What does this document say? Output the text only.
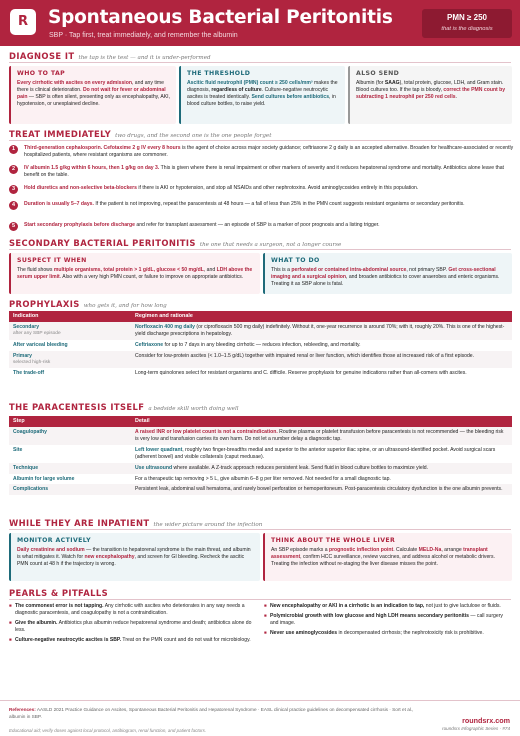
R Spontaneous Bacterial Peritonitis
SBP · Tap first, treat immediately, and remember the albumin
PMN ≥ 250
that is the diagnosis
DIAGNOSE IT the tap is the test — and it is under-performed
WHO TO TAP

Every cirrhotic with ascites on every admission, and any time there is clinical deterioration. Do not wait for fever or abdominal pain — SBP is often silent, presenting only as encephalopathy, AKI, hypotension, or unexplained decline.

THE THRESHOLD

Ascitic fluid neutrophil (PMN) count ≥ 250 cells/mm³ makes the diagnosis, regardless of culture. Culture-negative neutrocytic ascites is treated identically. Send cultures before antibiotics, in blood culture bottles, to raise yield.

ALSO SEND

Albumin (for SAAG), total protein, glucose, LDH, and Gram stain. Blood cultures too. If the tap is bloody, correct the PMN count by subtracting 1 neutrophil per 250 red cells.

TREAT IMMEDIATELY two drugs, and the second one is the one people forget
1	Third-generation cephalosporin. Cefotaxime 2 g IV every 8 hours is the agent of choice across major society guidance; ceftriaxone 2 g daily is an accepted alternative. Broaden for healthcare-associated or recently hospitalized patients, where resistant organisms are commoner.

2	IV albumin 1.5 g/kg within 6 hours, then 1 g/kg on day 3. This is given where there is renal impairment or other markers of severity and it reduces hepatorenal syndrome and mortality. Antibiotics alone leave that benefit on the table.

3	Hold diuretics and non-selective beta-blockers if there is AKI or hypotension, and stop all NSAIDs and other nephrotoxins. Avoid aminoglycosides entirely in this population.

4	Duration is usually 5–7 days. If the patient is not improving, repeat the paracentesis at 48 hours — a fall of less than 25% in the PMN count suggests resistant organisms or secondary peritonitis.

5	Start secondary prophylaxis before discharge and refer for transplant assessment — an episode of SBP is a marker of poor prognosis and a listing trigger.

SECONDARY BACTERIAL PERITONITIS the one that needs a surgeon, not a longer course
SUSPECT IT WHEN

The fluid shows multiple organisms, total protein > 1 g/dL, glucose < 50 mg/dL, and LDH above the serum upper limit. Also with a very high PMN count, or failure to improve on appropriate antibiotics.

WHAT TO DO

This is a perforated or contained intra-abdominal source, not primary SBP. Get cross-sectional imaging and a surgical opinion, and broaden antibiotics to cover anaerobes and enteric organisms. Treating it as SBP alone is fatal.

PROPHYLAXIS who gets it, and for how long
Indication	Regimen and rationale
Secondary
after any SBP episode	Norfloxacin 400 mg daily (or ciprofloxacin 500 mg daily) indefinitely. Without it, one-year recurrence is around 70%; with it, roughly 20%. This is one of the highest-yield discharge prescriptions in hepatology.
After variceal bleeding	Ceftriaxone for up to 7 days in any bleeding cirrhotic — reduces infection, rebleeding, and mortality.
Primary
selected high-risk	Consider for low-protein ascites (< 1.0–1.5 g/dL) together with impaired renal or liver function, which identifies those at increased risk of a first episode.
The trade-off	Long-term quinolones select for resistant organisms and C. difficile. Reserve prophylaxis for genuine indications rather than all-comers with ascites.
THE PARACENTESIS ITSELF a bedside skill worth doing well
Step	Detail
Coagulopathy	A raised INR or low platelet count is not a contraindication. Routine plasma or platelet transfusion before paracentesis is not recommended — the bleeding risk is very low and transfusion carries its own harm. Do not let a number delay a diagnostic tap.
Site	Left lower quadrant, roughly two finger-breadths medial and superior to the anterior superior iliac spine, or an ultrasound-identified pocket. Avoid surgical scars (adherent bowel) and visible collaterals (caput medusae).
Technique	Use ultrasound where available. A Z-track approach reduces persistent leak. Send fluid in blood culture bottles to maximize yield.
Albumin for large volume	For a therapeutic tap removing > 5 L, give albumin 6–8 g per liter removed. Not needed for a small diagnostic tap.
Complications	Persistent leak, abdominal wall hematoma, and rarely bowel perforation or hemoperitoneum. Post-paracentesis circulatory dysfunction is the one albumin prevents.
WHILE THEY ARE INPATIENT the wider picture around the infection
MONITOR ACTIVELY

Daily creatinine and sodium — the transition to hepatorenal syndrome is the main threat, and albumin is what mitigates it. Watch for new encephalopathy, and screen for GI bleeding. Recheck the ascitic PMN count at 48 h if the trajectory is wrong.

THINK ABOUT THE WHOLE LIVER

An SBP episode marks a prognostic inflection point. Calculate MELD-Na, arrange transplant assessment, confirm HCC surveillance, review vaccines, and address alcohol or metabolic drivers. Treating the infection without re-staging the liver disease misses the point.

PEARLS & PITFALLS
■ The commonest error is not tapping. Any cirrhotic with ascites who deteriorates in any way needs a diagnostic paracentesis, and coagulopathy is not a contraindication.
■ Give the albumin. Antibiotics plus albumin reduce hepatorenal syndrome and death; antibiotics alone do less.
■ Culture-negative neutrocytic ascites is SBP. Treat on the PMN count and do not wait for microbiology.
■ New encephalopathy or AKI in a cirrhotic is an indication to tap, not just to give lactulose or fluids.
■ Polymicrobial growth with low glucose and high LDH means secondary peritonitis — call surgery and image.
■ Never use aminoglycosides in decompensated cirrhosis; the nephrotoxicity risk is prohibitive.
References: AASLD 2021 Practice Guidance on Ascites, Spontaneous Bacterial Peritonitis and Hepatorenal Syndrome · EASL clinical practice guidelines on decompensated cirrhosis · Sort et al., albumin in SBP.
Educational aid; verify doses against local protocol, antibiogram, renal function, and patient factors.
roundsrx.com
roundsrx Infographic Series · #74
